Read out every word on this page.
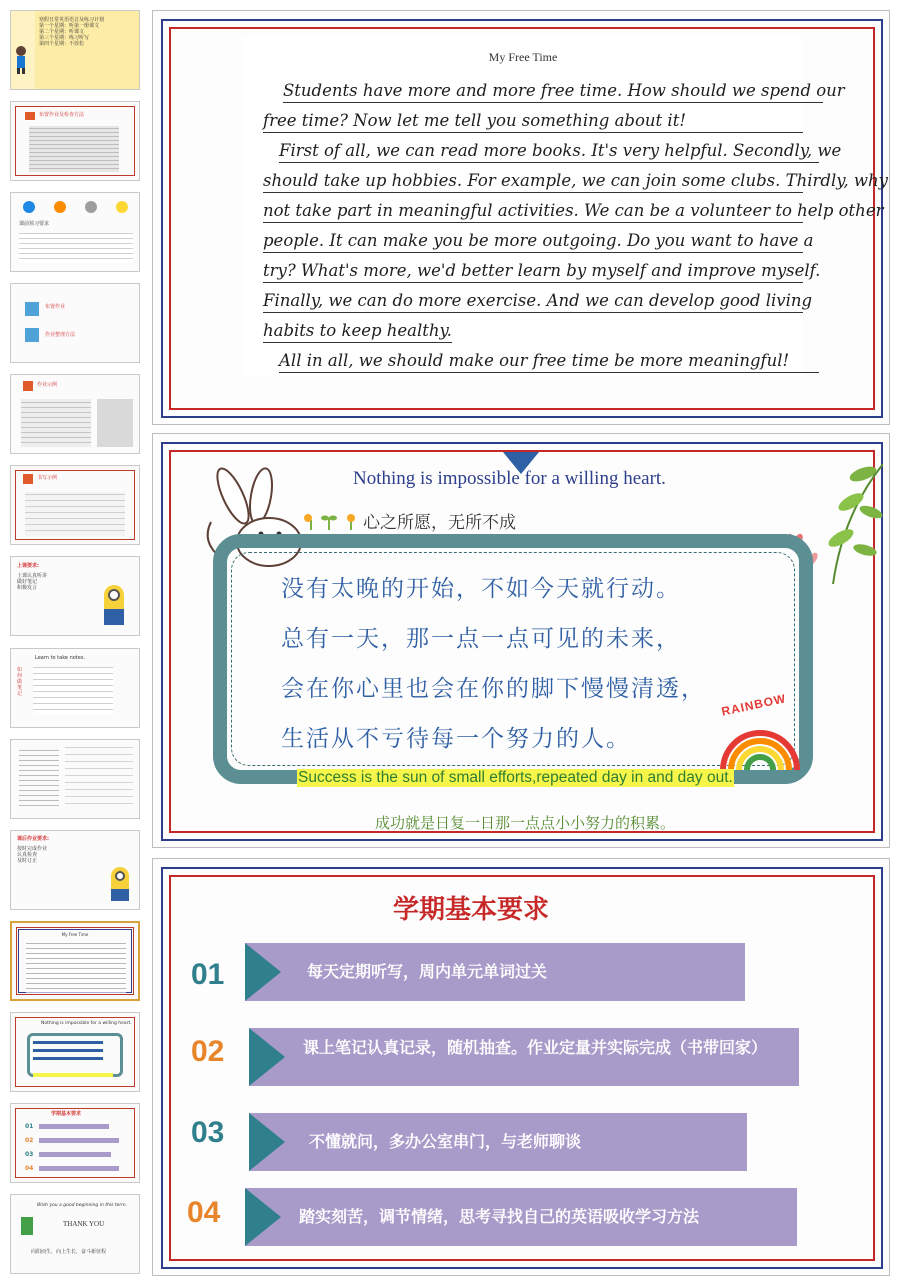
寒假日常英语语音及练习计划
第一个星期：听第一册课文
第二个星期：听课文
第三个星期：练习听写
第四个星期：不放松
布置作业及检查方法
课前预习要求
布置作业
作业整理方法
作业示例
书写示例
上课要求:
上课认真听讲
做好笔记
积极发言
Learn to take notes.
如何做笔记
课后作业要求:
按时完成作业
认真检查
及时订正
My Free Time
Nothing is impossible for a willing heart.
学期基本要求
01
02
03
04
Wish you a good beginning in this term.
THANK YOU
向阳而生，向上生长，奋斗新征程
My Free Time
Students have more and more free time. How should we spend our
free time? Now let me tell you something about it!
First of all, we can read more books. It's very helpful. Secondly, we
should take up hobbies. For example, we can join some clubs. Thirdly, why
not take part in meaningful activities. We can be a volunteer to help other
people. It can make you be more outgoing. Do you want to have a
try? What's more, we'd better learn by myself and improve myself.
Finally, we can do more exercise. And we can develop good living
habits to keep healthy.
All in all, we should make our free time be more meaningful!
Nothing is impossible for a willing heart.
心之所愿，无所不成
没有太晚的开始，不如今天就行动。
总有一天，那一点一点可见的未来，
会在你心里也会在你的脚下慢慢清透，
生活从不亏待每一个努力的人。
RAINBOW
Success is the sun of small efforts,repeated day in and day out.
成功就是日复一日那一点点小小努力的积累。
学期基本要求
01	每天定期听写，周内单元单词过关
02	课上笔记认真记录，随机抽查。作业定量并实际完成（书带回家）
03	不懂就问，多办公室串门，与老师聊谈
04	踏实刻苦，调节情绪，思考寻找自己的英语吸收学习方法
